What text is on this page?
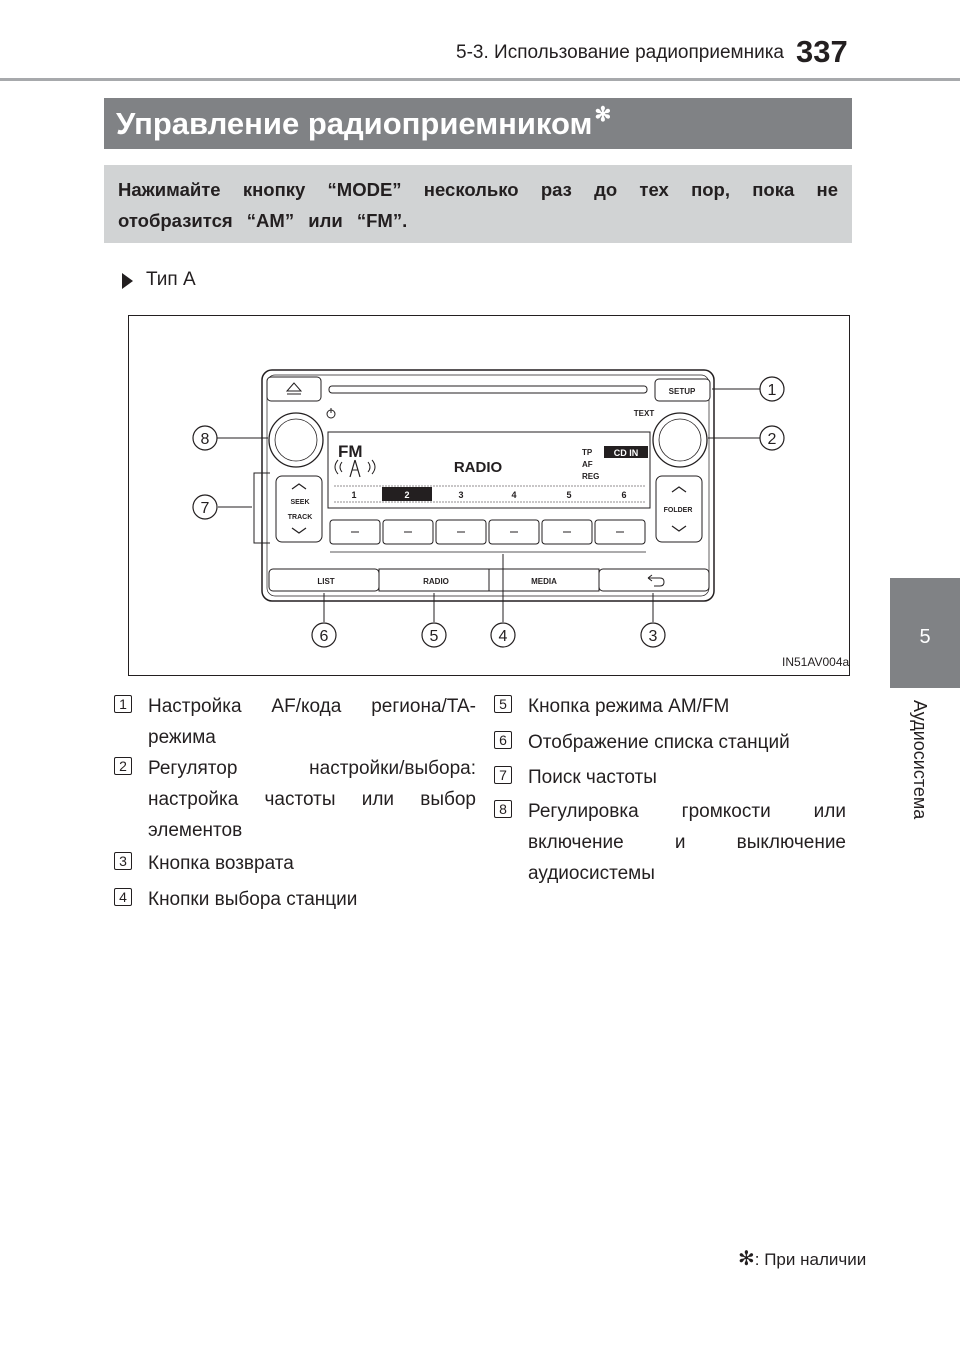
5-3. Использование радиоприемника 337
5
Аудиосистема
Управление радиоприемником ✻
Нажимайте кнопку “MODE” несколько раз до тех пор, пока не отобразится “AM” или “FM”.
Тип A
SETUP
TEXT
FM
RADIO
TP
AF
REG
CD IN
1	2	3	4	5	6
SEEK
TRACK
FOLDER
LIST	RADIO	MEDIA
1
2
3
4
5
6
7
8
IN51AV004a
1 Настройка AF/кода региона/TA-режима
2 Регулятор настройки/выбора: настройка частоты или выбор элементов
3 Кнопка возврата
4 Кнопки выбора станции
5 Кнопка режима AM/FM
6 Отображение списка станций
7 Поиск частоты
8 Регулировка громкости или включение и выключение аудиосистемы
✻: При наличии
